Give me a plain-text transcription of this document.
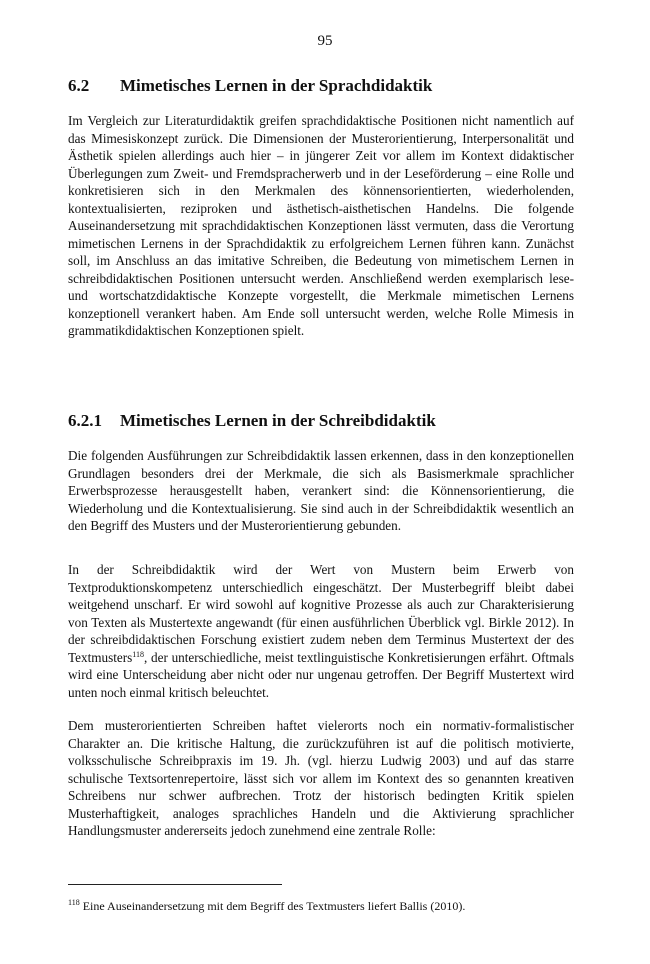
95
6.2 Mimetisches Lernen in der Sprachdidaktik

Im Vergleich zur Literaturdidaktik greifen sprachdidaktische Positionen nicht namentlich auf das Mimesiskonzept zurück. Die Dimensionen der Musterorientierung, Interpersonalität und Ästhetik spielen allerdings auch hier – in jüngerer Zeit vor allem im Kontext didaktischer Überlegungen zum Zweit- und Fremdspracherwerb und in der Leseförderung – eine Rolle und konkretisieren sich in den Merkmalen des könnensorientierten, wiederholenden, kontextualisierten, reziproken und ästhetisch-aisthetischen Handelns. Die folgende Auseinandersetzung mit sprachdidaktischen Konzeptionen lässt vermuten, dass die Verortung mimetischen Lernens in der Sprachdidaktik zu erfolgreichem Lernen führen kann. Zunächst soll, im Anschluss an das imitative Schreiben, die Bedeutung von mimetischem Lernen in schreibdidaktischen Positionen untersucht werden. Anschließend werden exemplarisch lese- und wortschatzdidaktische Konzepte vorgestellt, die Merkmale mimetischen Lernens konzeptionell verankert haben. Am Ende soll untersucht werden, welche Rolle Mimesis in grammatikdidaktischen Konzeptionen spielt.

6.2.1 Mimetisches Lernen in der Schreibdidaktik

Die folgenden Ausführungen zur Schreibdidaktik lassen erkennen, dass in den konzeptionellen Grundlagen besonders drei der Merkmale, die sich als Basismerkmale sprachlicher Erwerbsprozesse herausgestellt haben, verankert sind: die Könnensorientierung, die Wiederholung und die Kontextualisierung. Sie sind auch in der Schreibdidaktik wesentlich an den Begriff des Musters und der Musterorientierung gebunden.

In der Schreibdidaktik wird der Wert von Mustern beim Erwerb von Textproduktionskompetenz unterschiedlich eingeschätzt. Der Musterbegriff bleibt dabei weitgehend unscharf. Er wird sowohl auf kognitive Prozesse als auch zur Charakterisierung von Texten als Mustertexte angewandt (für einen ausführlichen Überblick vgl. Birkle 2012). In der schreibdidaktischen Forschung existiert zudem neben dem Terminus Mustertext der des Textmusters$^{118}$, der unterschiedliche, meist textlinguistische Konkretisierungen erfährt. Oftmals wird eine Unterscheidung aber nicht oder nur ungenau getroffen. Der Begriff Mustertext wird unten noch einmal kritisch beleuchtet.

Dem musterorientierten Schreiben haftet vielerorts noch ein normativ-formalistischer Charakter an. Die kritische Haltung, die zurückzuführen ist auf die politisch motivierte, volksschulische Schreibpraxis im 19. Jh. (vgl. hierzu Ludwig 2003) und auf das starre schulische Textsortenrepertoire, lässt sich vor allem im Kontext des so genannten kreativen Schreibens nur schwer aufbrechen. Trotz der historisch bedingten Kritik spielen Musterhaftigkeit, analoges sprachliches Handeln und die Aktivierung sprachlicher Handlungsmuster andererseits jedoch zunehmend eine zentrale Rolle:

$^{118}$ Eine Auseinandersetzung mit dem Begriff des Textmusters liefert Ballis (2010).
